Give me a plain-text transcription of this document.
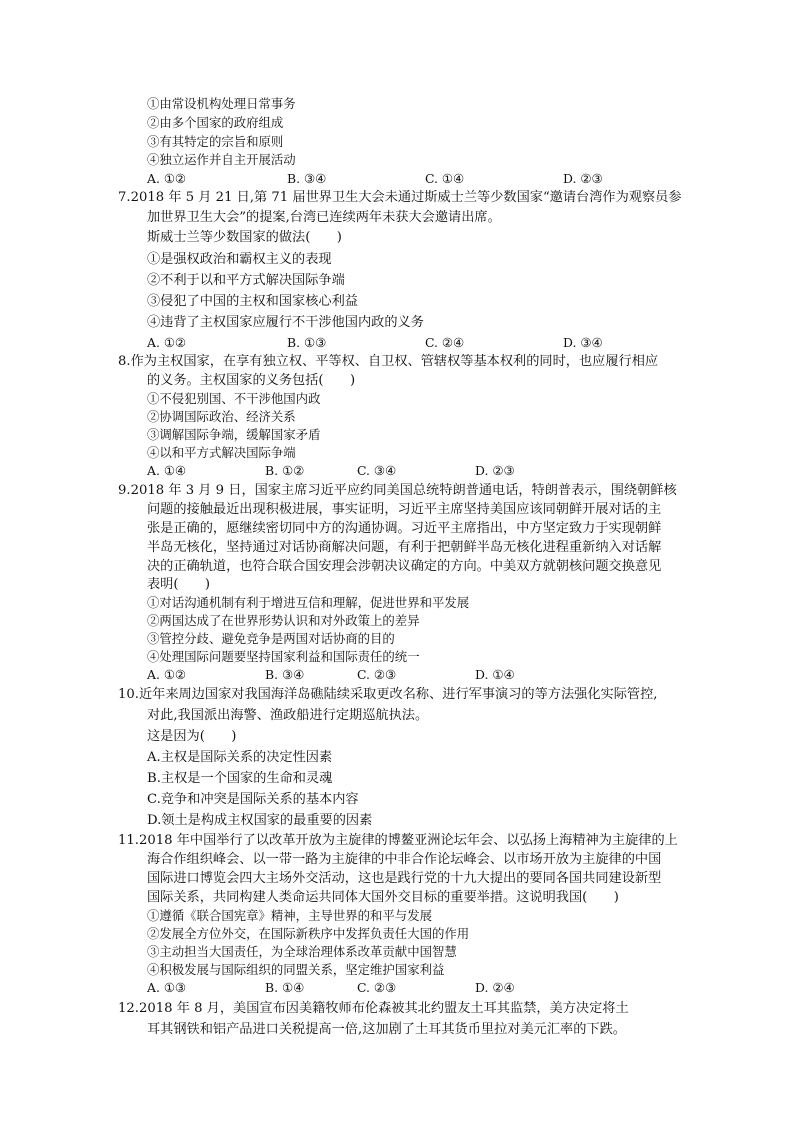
①由常设机构处理日常事务
②由多个国家的政府组成
③有其特定的宗旨和原则
④独立运作并自主开展活动
A. ①②	B. ③④	C. ①④	D. ②③
7.2018 年 5 月 21 日,第 71 届世界卫生大会未通过斯威士兰等少数国家“邀请台湾作为观察员参
加世界卫生大会”的提案,台湾已连续两年未获大会邀请出席。
斯威士兰等少数国家的做法(　　)
①是强权政治和霸权主义的表现
②不利于以和平方式解决国际争端
③侵犯了中国的主权和国家核心利益
④违背了主权国家应履行不干涉他国内政的义务
A. ①②	B. ①③	C. ②④	D. ③④
8.作为主权国家，在享有独立权、平等权、自卫权、管辖权等基本权利的同时，也应履行相应
的义务。主权国家的义务包括(　　)
①不侵犯别国、不干涉他国内政
②协调国际政治、经济关系
③调解国际争端，缓解国家矛盾
④以和平方式解决国际争端
A. ①④	B. ①②	C. ③④	D. ②③
9.2018 年 3 月 9 日，国家主席习近平应约同美国总统特朗普通电话，特朗普表示，围绕朝鲜核
问题的接触最近出现积极进展，事实证明，习近平主席坚持美国应该同朝鲜开展对话的主
张是正确的，愿继续密切同中方的沟通协调。习近平主席指出，中方坚定致力于实现朝鲜
半岛无核化，坚持通过对话协商解决问题，有利于把朝鲜半岛无核化进程重新纳入对话解
决的正确轨道，也符合联合国安理会涉朝决议确定的方向。中美双方就朝核问题交换意见
表明(　　)
①对话沟通机制有利于增进互信和理解，促进世界和平发展
②两国达成了在世界形势认识和对外政策上的差异
③管控分歧、避免竞争是两国对话协商的目的
④处理国际问题要坚持国家利益和国际责任的统一
A. ①②	B. ③④	C. ②③	D. ①④
10.近年来周边国家对我国海洋岛礁陆续采取更改名称、进行军事演习的等方法强化实际管控,
对此,我国派出海警、渔政船进行定期巡航执法。
这是因为(　　)
A.主权是国际关系的决定性因素
B.主权是一个国家的生命和灵魂
C.竞争和冲突是国际关系的基本内容
D.领土是构成主权国家的最重要的因素
11.2018 年中国举行了以改革开放为主旋律的博鳌亚洲论坛年会、以弘扬上海精神为主旋律的上
海合作组织峰会、以一带一路为主旋律的中非合作论坛峰会、以市场开放为主旋律的中国
国际进口博览会四大主场外交活动，这也是践行党的十九大提出的要同各国共同建设新型
国际关系，共同构建人类命运共同体大国外交目标的重要举措。这说明我国(　　)
①遵循《联合国宪章》精神，主导世界的和平与发展
②发展全方位外交，在国际新秩序中发挥负责任大国的作用
③主动担当大国责任，为全球治理体系改革贡献中国智慧
④积极发展与国际组织的同盟关系，坚定维护国家利益
A. ①③	B. ①④	C. ②③	D. ②④
12.2018 年 8 月，美国宣布因美籍牧师布伦森被其北约盟友土耳其监禁，美方决定将土
耳其钢铁和铝产品进口关税提高一倍,这加剧了土耳其货币里拉对美元汇率的下跌。
